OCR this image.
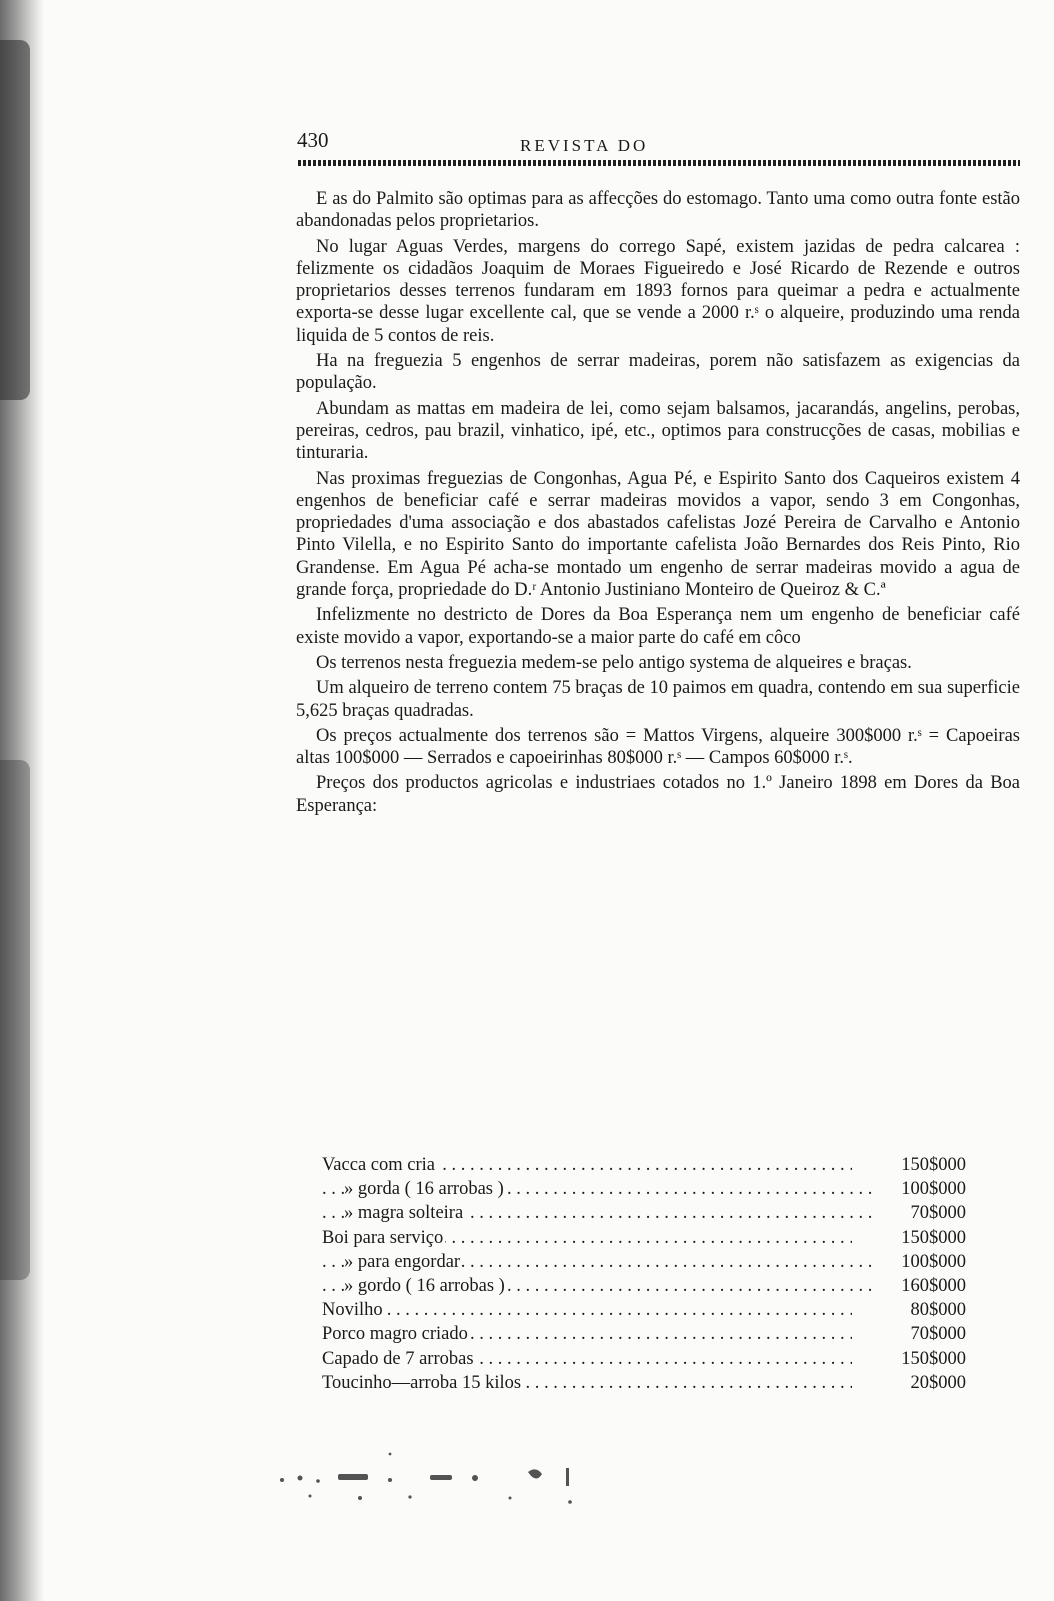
430	REVISTA DO

E as do Palmito são optimas para as affecções do estomago. Tanto uma como outra fonte estão abandonadas pelos proprietarios.

No lugar Aguas Verdes, margens do corrego Sapé, existem jazidas de pedra calcarea : felizmente os cidadãos Joaquim de Moraes Figueiredo e José Ricardo de Rezende e outros proprietarios desses terrenos fundaram em 1893 fornos para queimar a pedra e actualmente exporta-se desse lugar excellente cal, que se vende a 2000 r.ˢ o alqueire, produzindo uma renda liquida de 5 contos de reis.

Ha na freguezia 5 engenhos de serrar madeiras, porem não satisfazem as exigencias da população.

Abundam as mattas em madeira de lei, como sejam balsamos, jacarandás, angelins, perobas, pereiras, cedros, pau brazil, vinhatico, ipé, etc., optimos para construcções de casas, mobilias e tinturaria.

Nas proximas freguezias de Congonhas, Agua Pé, e Espirito Santo dos Caqueiros existem 4 engenhos de beneficiar café e serrar madeiras movidos a vapor, sendo 3 em Congonhas, propriedades d'uma associação e dos abastados cafelistas Jozé Pereira de Carvalho e Antonio Pinto Vilella, e no Espirito Santo do importante cafelista João Bernardes dos Reis Pinto, Rio Grandense. Em Agua Pé acha-se montado um engenho de serrar madeiras movido a agua de grande força, propriedade do D.ʳ Antonio Justiniano Monteiro de Queiroz & C.ª

Infelizmente no destricto de Dores da Boa Esperança nem um engenho de beneficiar café existe movido a vapor, exportando-se a maior parte do café em côco

Os terrenos nesta freguezia medem-se pelo antigo systema de alqueires e braças.

Um alqueiro de terreno contem 75 braças de 10 paimos em quadra, contendo em sua superficie 5,625 braças quadradas.

Os preços actualmente dos terrenos são = Mattos Virgens, alqueire 300$000 r.ˢ = Capoeiras altas 100$000 — Serrados e capoeirinhas 80$000 r.ˢ — Campos 60$000 r.ˢ.

Preços dos productos agricolas e industriaes cotados no 1.º Janeiro 1898 em Dores da Boa Esperança:

Vacca com cria . . .	150$000
» gorda ( 16 arrobas ) . . .	100$000
» magra solteira . . .	70$000
Boi para serviço . . .	150$000
» para engordar . . .	100$000
» gordo ( 16 arrobas ) . . .	160$000
Novilho . . .	80$000
Porco magro criado . . .	70$000
Capado de 7 arrobas . . .	150$000
Toucinho—arroba 15 kilos . . .	20$000
